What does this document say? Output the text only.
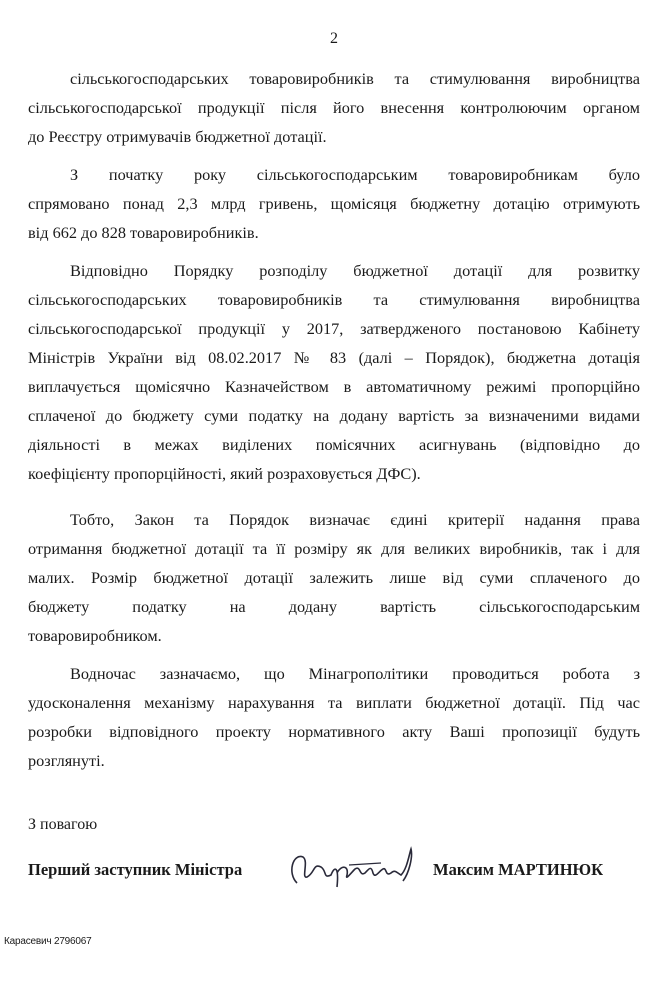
2
сільськогосподарських товаровиробників та стимулювання виробництва
сільськогосподарської продукції після його внесення контролюючим органом
до Реєстру отримувачів бюджетної дотації.
З початку року сільськогосподарським товаровиробникам було
спрямовано понад 2,3 млрд гривень, щомісяця бюджетну дотацію отримують
від 662 до 828 товаровиробників.
Відповідно Порядку розподілу бюджетної дотації для розвитку
сільськогосподарських товаровиробників та стимулювання виробництва
сільськогосподарської продукції у 2017, затвердженого постановою Кабінету
Міністрів України від 08.02.2017 № 83 (далі – Порядок), бюджетна дотація
виплачується щомісячно Казначейством в автоматичному режимі пропорційно
сплаченої до бюджету суми податку на додану вартість за визначеними видами
діяльності в межах виділених помісячних асигнувань (відповідно до
коефіцієнту пропорційності, який розраховується ДФС).
Тобто, Закон та Порядок визначає єдині критерії надання права
отримання бюджетної дотації та її розміру як для великих виробників, так і для
малих. Розмір бюджетної дотації залежить лише від суми сплаченого до
бюджету податку на додану вартість сільськогосподарським
товаровиробником.
Водночас зазначаємо, що Мінагрополітики проводиться робота з
удосконалення механізму нарахування та виплати бюджетної дотації. Під час
розробки відповідного проекту нормативного акту Ваші пропозиції будуть
розглянуті.
З повагою
Перший заступник Міністра	Максим МАРТИНЮК
Карасевич 2796067
